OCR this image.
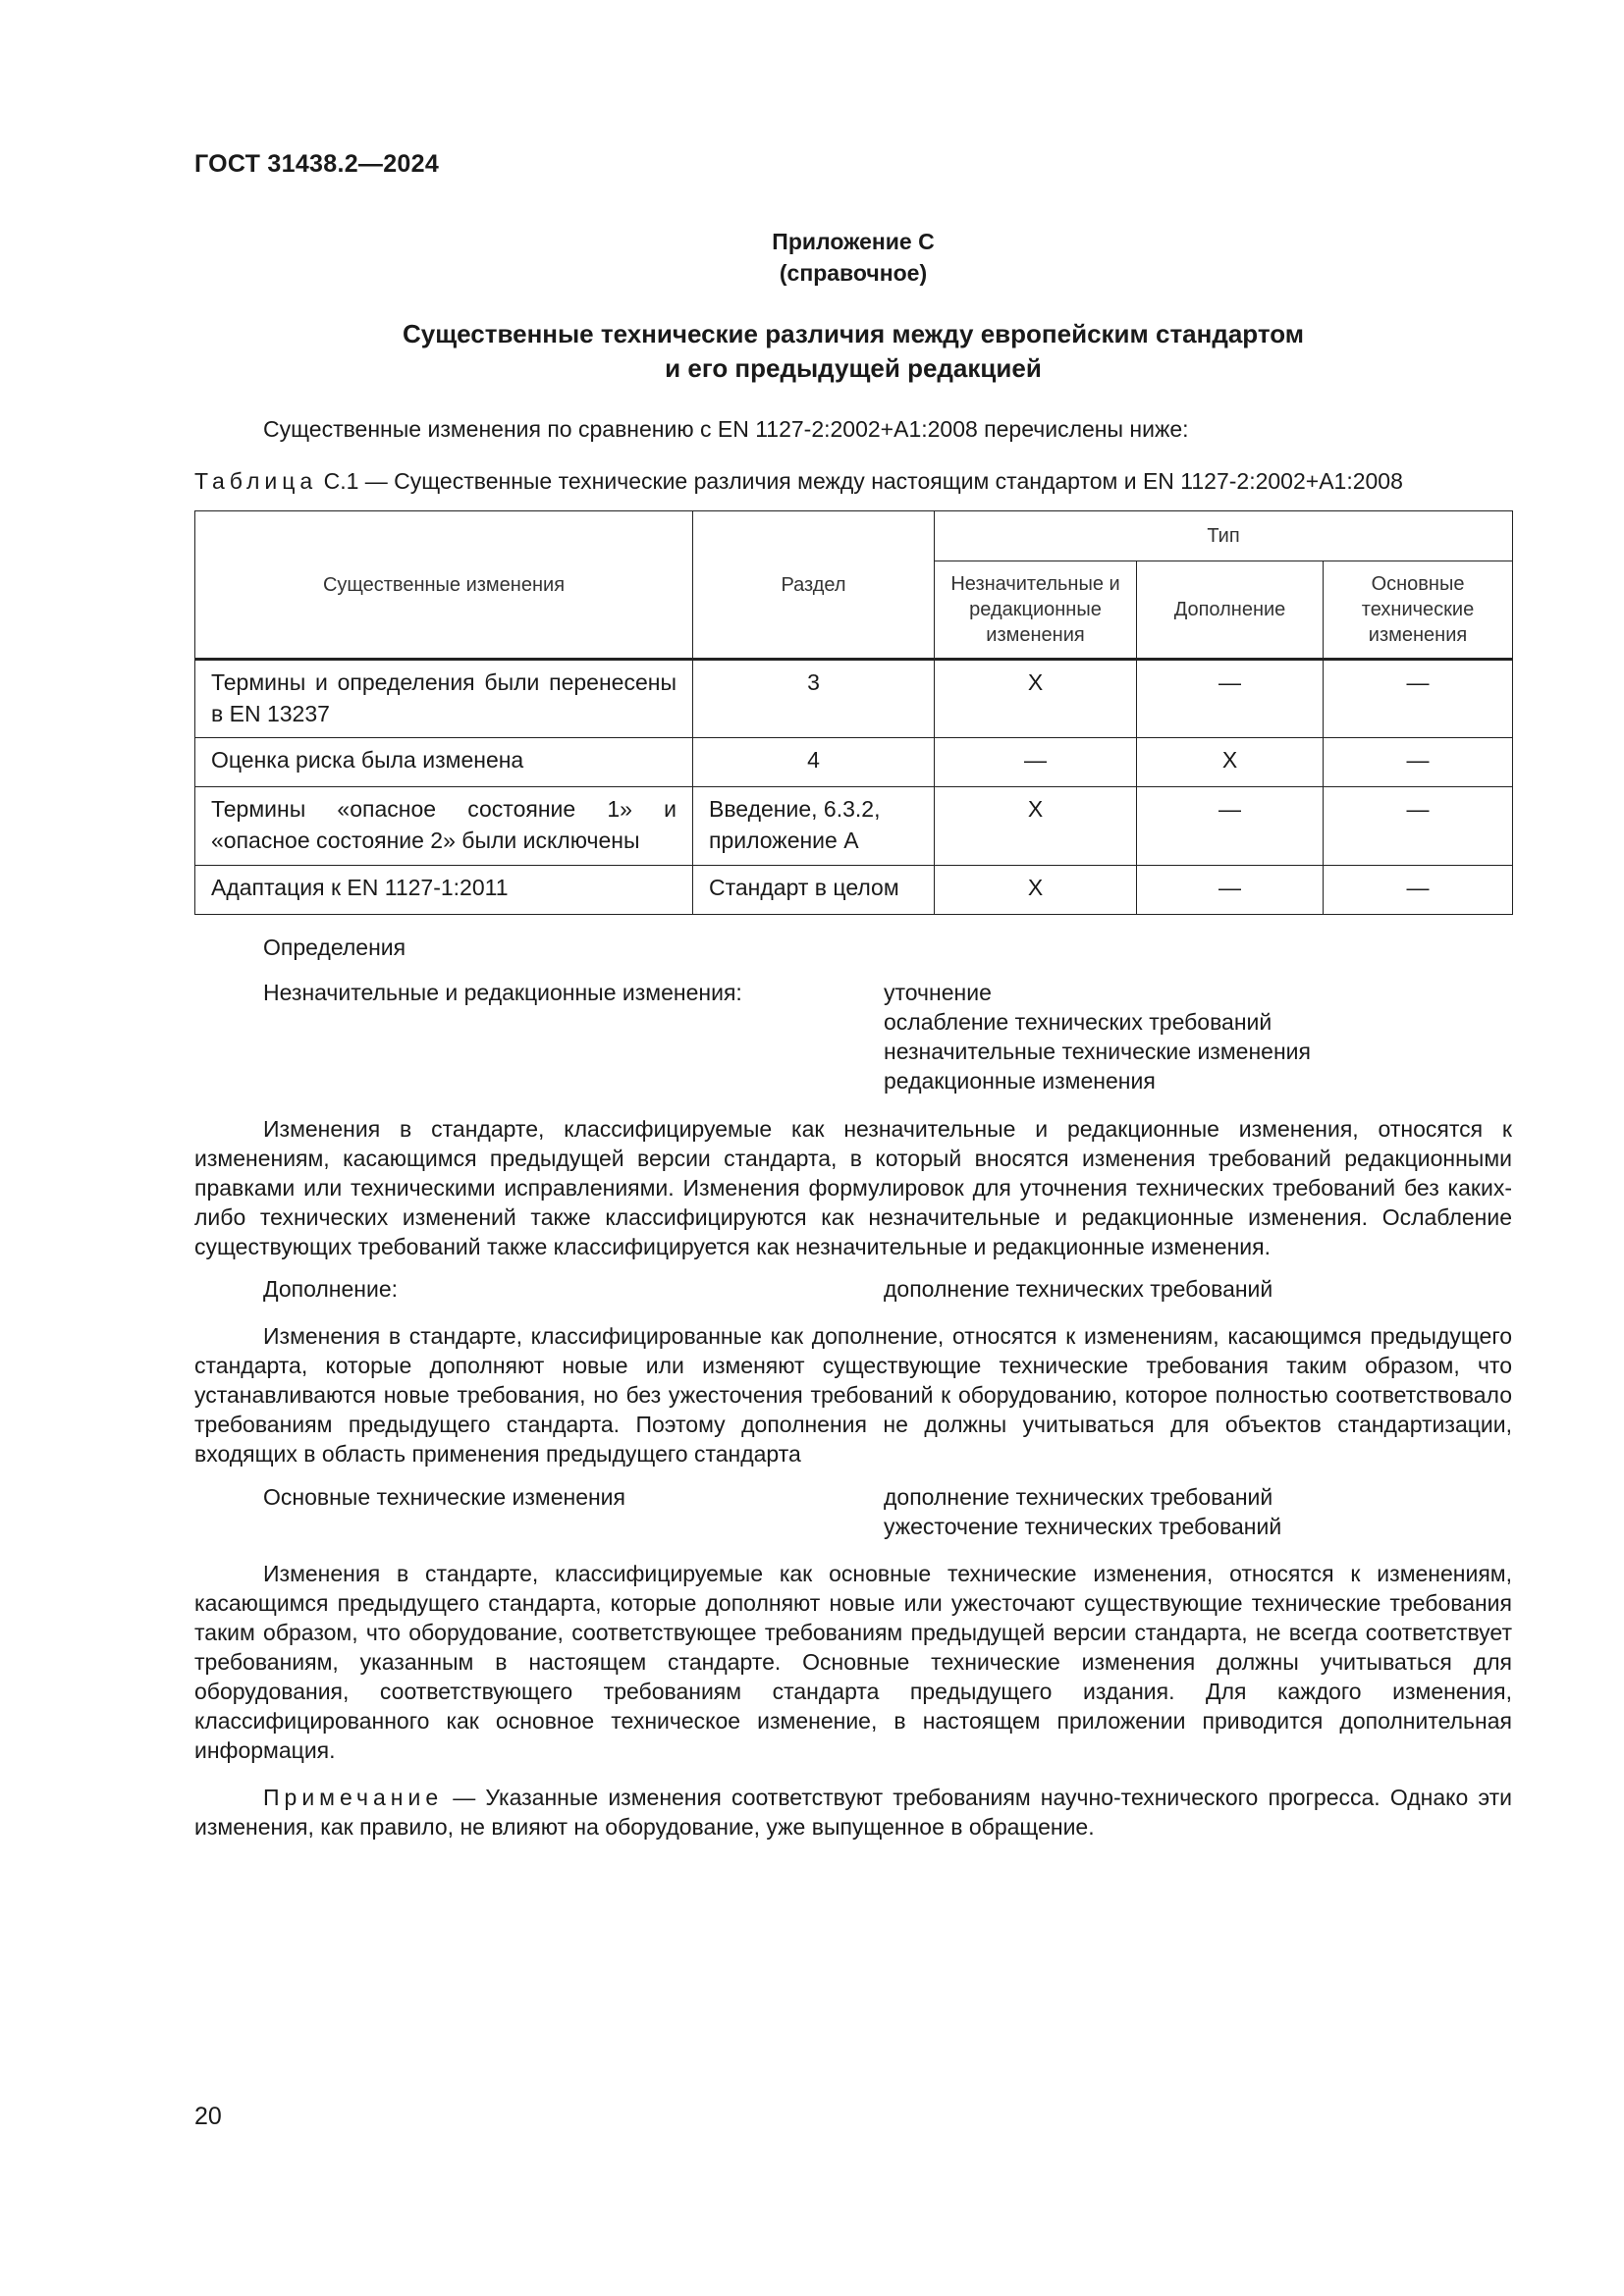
ГОСТ 31438.2—2024
Приложение С
(справочное)
Существенные технические различия между европейским стандартом
и его предыдущей редакцией
Существенные изменения по сравнению с EN 1127-2:2002+А1:2008 перечислены ниже:
Таблица С.1 — Существенные технические различия между настоящим стандартом и EN 1127-2:2002+А1:2008
Существенные изменения	Раздел	Тип		
		Незначительные и редакционные изменения	Дополнение	Основные технические изменения
Термины и определения были перенесены в EN 13237	3	Х	—	—
Оценка риска была изменена	4	—	Х	—
Термины «опасное состояние 1» и «опасное состояние 2» были исключены	Введение, 6.3.2, приложение А	Х	—	—
Адаптация к EN 1127-1:2011	Стандарт в целом	Х	—	—
Определения
Незначительные и редакционные изменения:	уточнение
ослабление технических требований
незначительные технические изменения
редакционные изменения
Изменения в стандарте, классифицируемые как незначительные и редакционные изменения, относятся к изменениям, касающимся предыдущей версии стандарта, в который вносятся изменения требований редакционными правками или техническими исправлениями. Изменения формулировок для уточнения технических требований без каких-либо технических изменений также классифицируются как незначительные и редакционные изменения. Ослабление существующих требований также классифицируется как незначительные и редакционные изменения.
Дополнение:	дополнение технических требований
Изменения в стандарте, классифицированные как дополнение, относятся к изменениям, касающимся предыдущего стандарта, которые дополняют новые или изменяют существующие технические требования таким образом, что устанавливаются новые требования, но без ужесточения требований к оборудованию, которое полностью соответствовало требованиям предыдущего стандарта. Поэтому дополнения не должны учитываться для объектов стандартизации, входящих в область применения предыдущего стандарта
Основные технические изменения	дополнение технических требований
ужесточение технических требований
Изменения в стандарте, классифицируемые как основные технические изменения, относятся к изменениям, касающимся предыдущего стандарта, которые дополняют новые или ужесточают существующие технические требования таким образом, что оборудование, соответствующее требованиям предыдущей версии стандарта, не всегда соответствует требованиям, указанным в настоящем стандарте. Основные технические изменения должны учитываться для оборудования, соответствующего требованиям стандарта предыдущего издания. Для каждого изменения, классифицированного как основное техническое изменение, в настоящем приложении приводится дополнительная информация.
Примечание — Указанные изменения соответствуют требованиям научно-технического прогресса. Однако эти изменения, как правило, не влияют на оборудование, уже выпущенное в обращение.
20
